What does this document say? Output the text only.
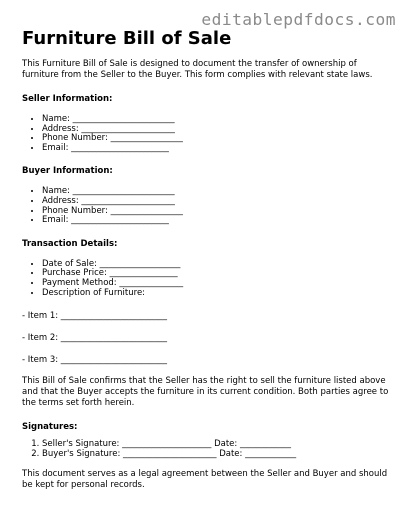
editablepdfdocs.com
Furniture Bill of Sale

This Furniture Bill of Sale is designed to document the transfer of ownership of furniture from the Seller to the Buyer. This form complies with relevant state laws.

Seller Information:
• Name: ________________________
• Address: ______________________
• Phone Number: _________________
• Email: _______________________
Buyer Information:
• Name: ________________________
• Address: ______________________
• Phone Number: _________________
• Email: _______________________
Transaction Details:
• Date of Sale: ___________________
• Purchase Price: ________________
• Payment Method: _______________
• Description of Furniture:

- Item 1: _________________________

- Item 2: _________________________

- Item 3: _________________________

This Bill of Sale confirms that the Seller has the right to sell the furniture listed above and that the Buyer accepts the furniture in its current condition. Both parties agree to the terms set forth herein.

Signatures:
1. Seller's Signature: _____________________ Date: ____________
2. Buyer's Signature: ______________________ Date: ____________

This document serves as a legal agreement between the Seller and Buyer and should be kept for personal records.
